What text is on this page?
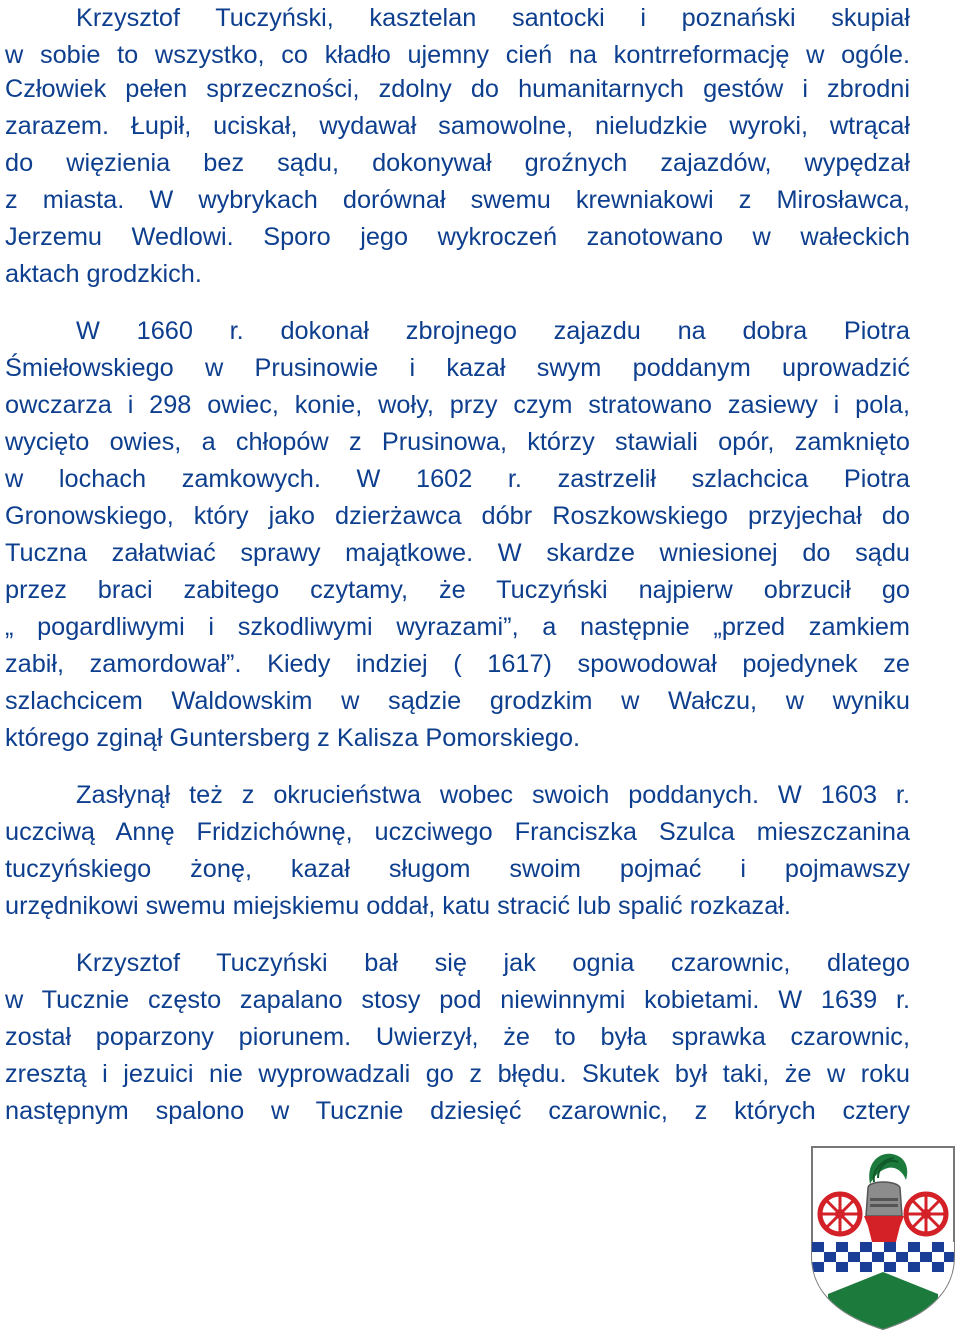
Krzysztof Tuczyński, kasztelan santocki i poznański skupiał
w sobie to wszystko, co kładło ujemny cień na kontrreformację w ogóle.
Człowiek pełen sprzeczności, zdolny do humanitarnych gestów i zbrodni
zarazem. Łupił, uciskał, wydawał samowolne, nieludzkie wyroki, wtrącał
do więzienia bez sądu, dokonywał groźnych zajazdów, wypędzał
z miasta. W wybrykach dorównał swemu krewniakowi z Mirosławca,
Jerzemu Wedlowi. Sporo jego wykroczeń zanotowano w wałeckich
aktach grodzkich.
W 1660 r. dokonał zbrojnego zajazdu na dobra Piotra
Śmiełowskiego w Prusinowie i kazał swym poddanym uprowadzić
owczarza i 298 owiec, konie, woły, przy czym stratowano zasiewy i pola,
wycięto owies, a chłopów z Prusinowa, którzy stawiali opór, zamknięto
w lochach zamkowych. W 1602 r. zastrzelił szlachcica Piotra
Gronowskiego, który jako dzierżawca dóbr Roszkowskiego przyjechał do
Tuczna załatwiać sprawy majątkowe. W skardze wniesionej do sądu
przez braci zabitego czytamy, że Tuczyński najpierw obrzucił go
„ pogardliwymi i szkodliwymi wyrazami”, a następnie „przed zamkiem
zabił, zamordował”. Kiedy indziej ( 1617) spowodował pojedynek ze
szlachcicem Waldowskim w sądzie grodzkim w Wałczu, w wyniku
którego zginął Guntersberg z Kalisza Pomorskiego.
Zasłynął też z okrucieństwa wobec swoich poddanych. W 1603 r.
uczciwą Annę Fridzichównę, uczciwego Franciszka Szulca mieszczanina
tuczyńskiego żonę, kazał sługom swoim pojmać i pojmawszy
urzędnikowi swemu miejskiemu oddał, katu stracić lub spalić rozkazał.
Krzysztof Tuczyński bał się jak ognia czarownic, dlatego
w Tucznie często zapalano stosy pod niewinnymi kobietami. W 1639 r.
został poparzony piorunem. Uwierzył, że to była sprawka czarownic,
zresztą i jezuici nie wyprowadzali go z błędu. Skutek był taki, że w roku
następnym spalono w Tucznie dziesięć czarownic, z których cztery
